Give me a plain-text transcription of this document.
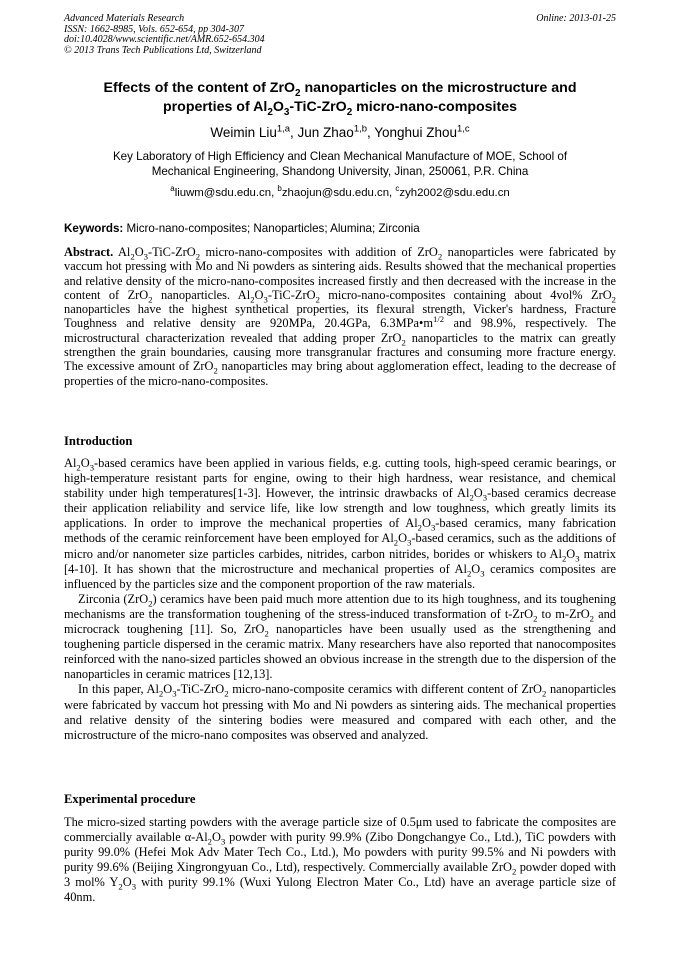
Advanced Materials Research
ISSN: 1662-8985, Vols. 652-654, pp 304-307
doi:10.4028/www.scientific.net/AMR.652-654.304
© 2013 Trans Tech Publications Ltd, Switzerland
Online: 2013-01-25
Effects of the content of ZrO$_2$ nanoparticles on the microstructure and
properties of $Al_2O_3-TiC-ZrO_2$ micro-nano-composites
Weimin Liu$^{1,a}$, Jun Zhao$^{1,b}$, Yonghui Zhou$^{1,c}$
Key Laboratory of High Efficiency and Clean Mechanical Manufacture of MOE, School of
Mechanical Engineering, Shandong University, Jinan, 250061, P.R. China
$^a$liuwm@sdu.edu.cn, $^b$zhaojun@sdu.edu.cn, $^c$zyh2002@sdu.edu.cn
Keywords: Micro-nano-composites; Nanoparticles; Alumina; Zirconia
Abstract. $Al_2O_3-TiC-ZrO_2$ micro-nano-composites with addition of ZrO$_2$ nanoparticles were fabricated by vaccum hot pressing with Mo and Ni powders as sintering aids. Results showed that the mechanical properties and relative density of the micro-nano-composites increased firstly and then decreased with the increase in the content of ZrO$_2$ nanoparticles. $Al_2O_3-TiC-ZrO_2$ micro-nano-composites containing about 4vol% ZrO$_2$ nanoparticles have the highest synthetical properties, its flexural strength, Vicker's hardness, Fracture Toughness and relative density are 920MPa, 20.4GPa, $6.3MPa•m^{1/2}$ and 98.9%, respectively. The microstructural characterization revealed that adding proper ZrO$_2$ nanoparticles to the matrix can greatly strengthen the grain boundaries, causing more transgranular fractures and consuming more fracture energy. The excessive amount of ZrO$_2$ nanoparticles may bring about agglomeration effect, leading to the decrease of properties of the micro-nano-composites.
Introduction

$Al_2O_3$-based ceramics have been applied in various fields, e.g. cutting tools, high-speed ceramic bearings, or high-temperature resistant parts for engine, owing to their high hardness, wear resistance, and chemical stability under high temperatures[1-3]. However, the intrinsic drawbacks of $Al_2O_3$-based ceramics decrease their application reliability and service life, like low strength and low toughness, which greatly limits its applications. In order to improve the mechanical properties of $Al_2O_3$-based ceramics, many fabrication methods of the ceramic reinforcement have been employed for $Al_2O_3$-based ceramics, such as the additions of micro and/or nanometer size particles carbides, nitrides, carbon nitrides, borides or whiskers to $Al_2O_3$ matrix [4-10]. It has shown that the microstructure and mechanical properties of $Al_2O_3$ ceramics composites are influenced by the particles size and the component proportion of the raw materials.

Zirconia (ZrO$_2$) ceramics have been paid much more attention due to its high toughness, and its toughening mechanisms are the transformation toughening of the stress-induced transformation of t-ZrO$_2$ to m-ZrO$_2$ and microcrack toughening [11]. So, ZrO$_2$ nanoparticles have been usually used as the strengthening and toughening particle dispersed in the ceramic matrix. Many researchers have also reported that nanocomposites reinforced with the nano-sized particles showed an obvious increase in the strength due to the dispersion of the nanoparticles in ceramic matrices [12,13].

In this paper, $Al_2O_3-TiC-ZrO_2$ micro-nano-composite ceramics with different content of ZrO$_2$ nanoparticles were fabricated by vaccum hot pressing with Mo and Ni powders as sintering aids. The mechanical properties and relative density of the sintering bodies were measured and compared with each other, and the microstructure of the micro-nano composites was observed and analyzed.

Experimental procedure

The micro-sized starting powders with the average particle size of 0.5μm used to fabricate the composites are commercially available $\alpha-Al_2O_3$ powder with purity 99.9% (Zibo Dongchangye Co., Ltd.), TiC powders with purity 99.0% (Hefei Mok Adv Mater Tech Co., Ltd.), Mo powders with purity 99.5% and Ni powders with purity 99.6% (Beijing Xingrongyuan Co., Ltd), respectively. Commercially available ZrO$_2$ powder doped with 3 mol% $Y_2O_3$ with purity 99.1% (Wuxi Yulong Electron Mater Co., Ltd) have an average particle size of 40nm.
